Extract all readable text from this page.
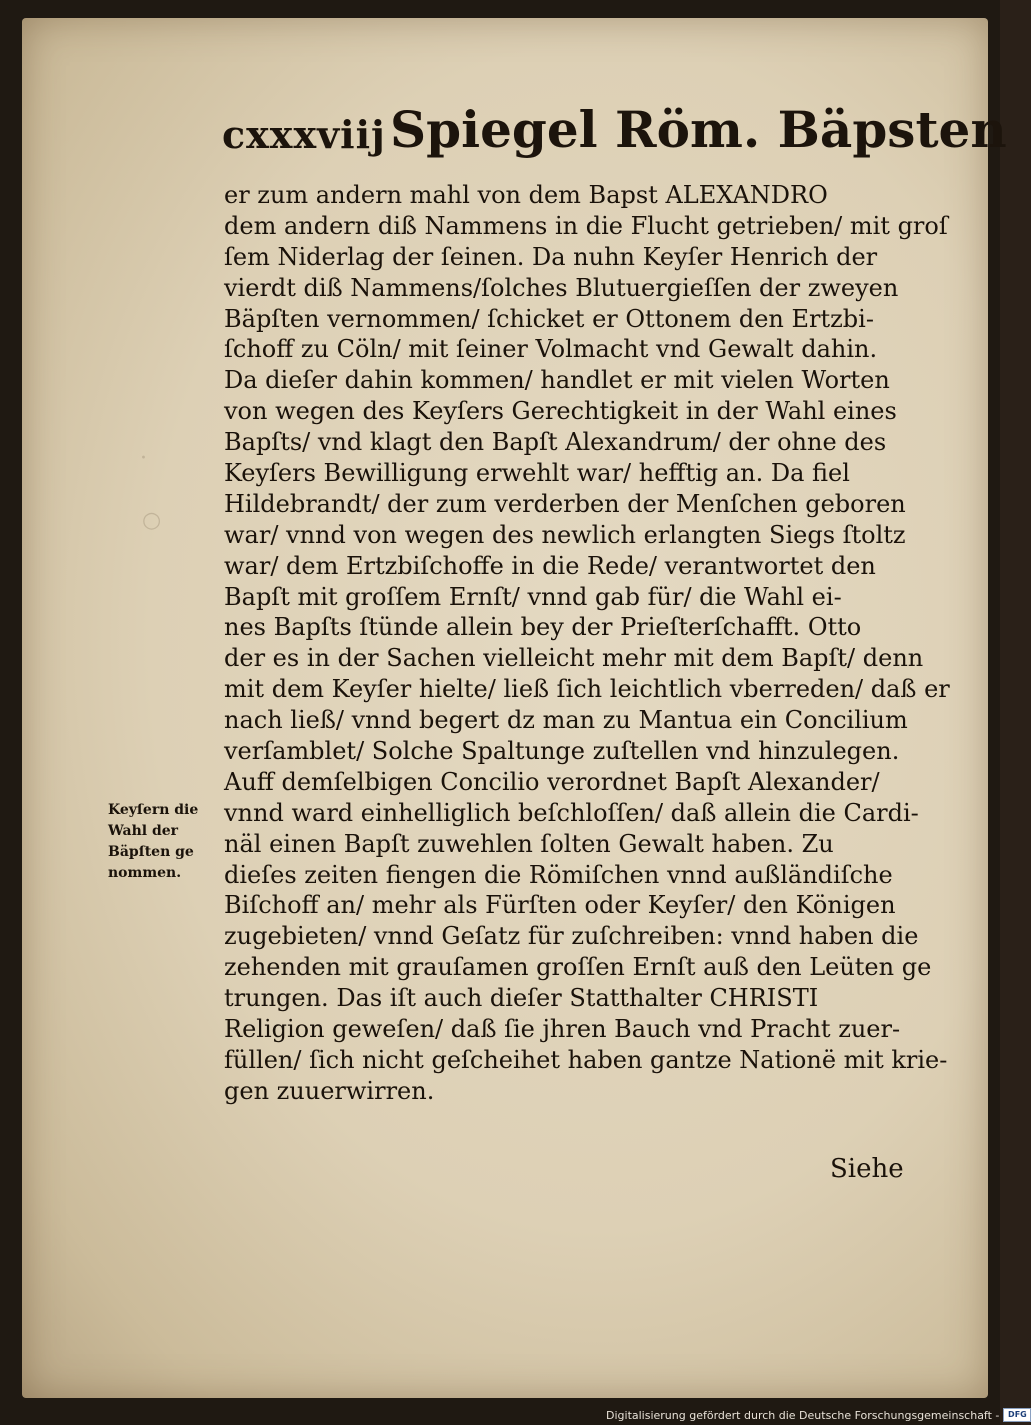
·
○
cxxxviij Spiegel Röm. Bäpsten
er zum andern mahl von dem Bapst ALEXANDRO
dem andern diß Nammens in die Flucht getrieben/ mit groſ
ſem Niderlag der ſeinen. Da nuhn Keyſer Henrich der
vierdt diß Nammens/ſolches Blutuergieſſen der zweyen
Bäpſten vernommen/ ſchicket er Ottonem den Ertzbi-
ſchoff zu Cöln/ mit ſeiner Volmacht vnd Gewalt dahin.
Da dieſer dahin kommen/ handlet er mit vielen Worten
von wegen des Keyſers Gerechtigkeit in der Wahl eines
Bapſts/ vnd klagt den Bapſt Alexandrum/ der ohne des
Keyſers Bewilligung erwehlt war/ hefftig an. Da fiel
Hildebrandt/ der zum verderben der Menſchen geboren
war/ vnnd von wegen des newlich erlangten Siegs ſtoltz
war/ dem Ertzbiſchoffe in die Rede/ verantwortet den
Bapſt mit groſſem Ernſt/ vnnd gab für/ die Wahl ei-
nes Bapſts ſtünde allein bey der Prieſterſchafft. Otto
der es in der Sachen vielleicht mehr mit dem Bapſt/ denn
mit dem Keyſer hielte/ ließ ſich leichtlich vberreden/ daß er
nach ließ/ vnnd begert dz man zu Mantua ein Concilium
verſamblet/ Solche Spaltunge zuſtellen vnd hinzulegen.
Auff demſelbigen Concilio verordnet Bapſt Alexander/
vnnd ward einhelliglich beſchloſſen/ daß allein die Cardi-
näl einen Bapſt zuwehlen ſolten Gewalt haben. Zu
dieſes zeiten fiengen die Römiſchen vnnd außländiſche
Biſchoff an/ mehr als Fürſten oder Keyſer/ den Königen
zugebieten/ vnnd Geſatz für zuſchreiben: vnnd haben die
zehenden mit grauſamen groſſen Ernſt auß den Leüten ge
trungen. Das iſt auch dieſer Statthalter CHRISTI
Religion geweſen/ daß ſie jhren Bauch vnd Pracht zuer-
füllen/ ſich nicht geſcheihet haben gantze Nationë mit krie-
gen zuuerwirren.
Keyſern die
Wahl der
Bäpſten ge
nommen.
Siehe
Digitalisierung gefördert durch die Deutsche Forschungsgemeinschaft -	DFG
